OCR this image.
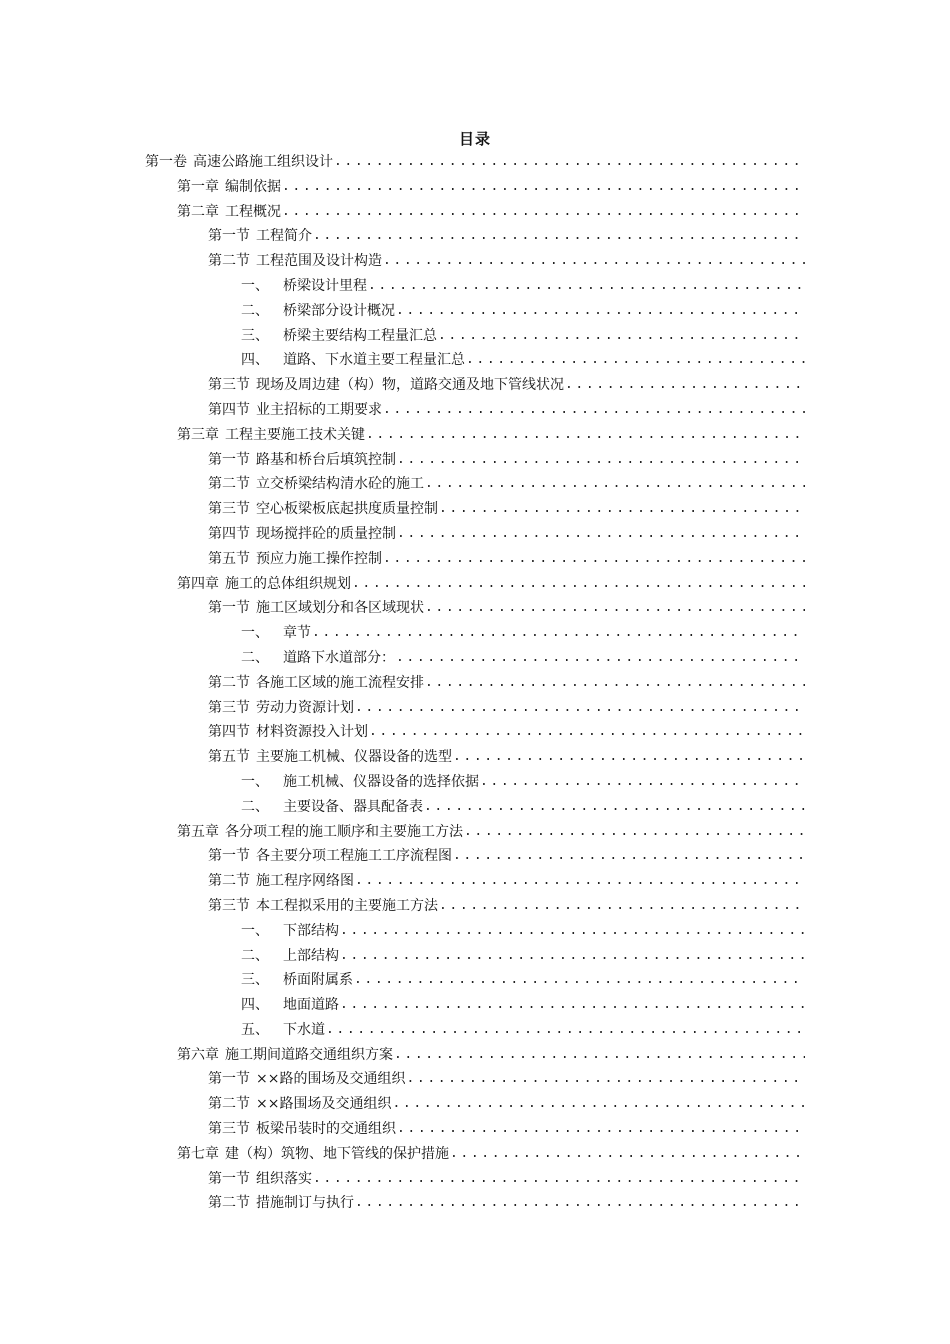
目录
第一卷 高速公路施工组织设计
.....
第一章 编制依据
.....
第二章 工程概况
.....
第一节 工程简介
.....
第二节 工程范围及设计构造
.....
一、	桥梁设计里程
.....
二、	桥梁部分设计概况
.....
三、	桥梁主要结构工程量汇总
.....
四、	道路、下水道主要工程量汇总
.....
第三节 现场及周边建（构）物，道路交通及地下管线状况
.....
第四节 业主招标的工期要求
.....
第三章 工程主要施工技术关键
.....
第一节 路基和桥台后填筑控制
.....
第二节 立交桥梁结构清水砼的施工
.....
第三节 空心板梁板底起拱度质量控制
.....
第四节 现场搅拌砼的质量控制
.....
第五节 预应力施工操作控制
.....
第四章 施工的总体组织规划
.....
第一节 施工区域划分和各区域现状
.....
一、	章节
.....
二、	道路下水道部分：
.....
第二节 各施工区域的施工流程安排
.....
第三节 劳动力资源计划
.....
第四节 材料资源投入计划
.....
第五节 主要施工机械、仪器设备的选型
.....
一、	施工机械、仪器设备的选择依据
.....
二、	主要设备、器具配备表
.....
第五章 各分项工程的施工顺序和主要施工方法
.....
第一节 各主要分项工程施工工序流程图
.....
第二节 施工程序网络图
.....
第三节 本工程拟采用的主要施工方法
.....
一、	下部结构
.....
二、	上部结构
.....
三、	桥面附属系
.....
四、	地面道路
.....
五、	下水道
.....
第六章 施工期间道路交通组织方案
.....
第一节 ××路的围场及交通组织
.....
第二节 ××路围场及交通组织
.....
第三节 板梁吊装时的交通组织
.....
第七章 建（构）筑物、地下管线的保护措施
.....
第一节 组织落实
.....
第二节 措施制订与执行
.....
